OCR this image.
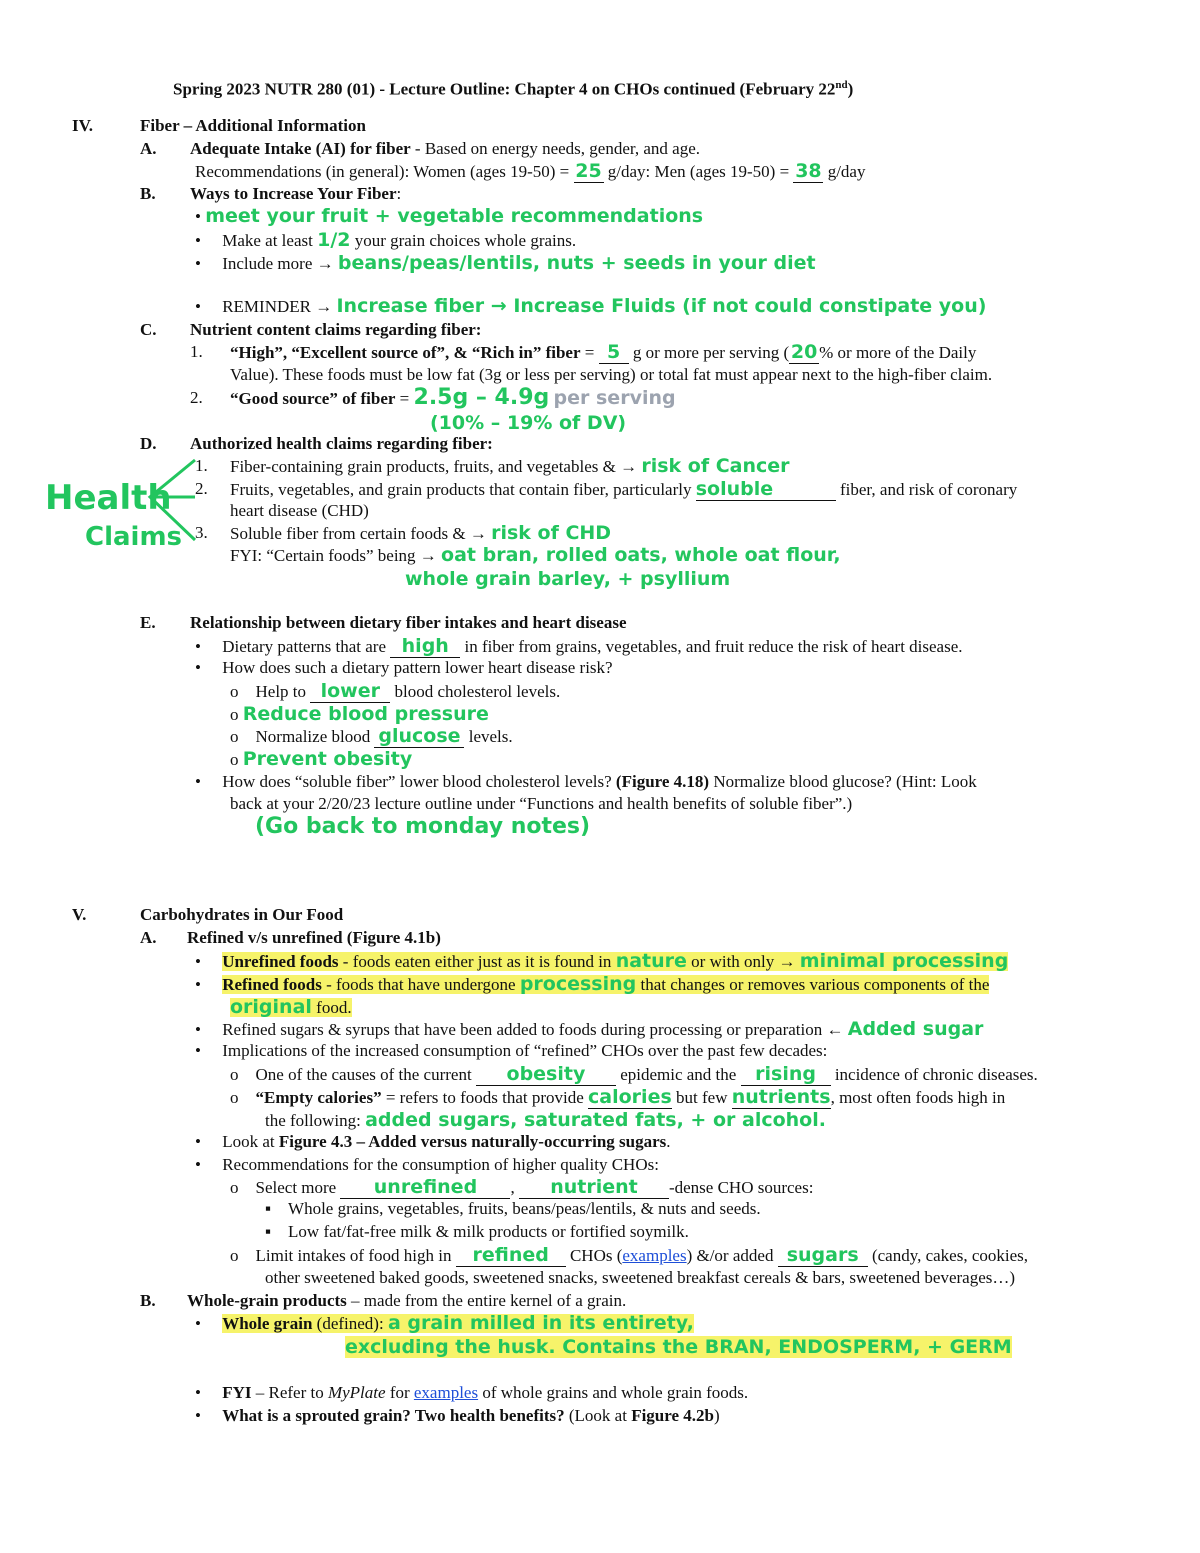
Spring 2023 NUTR 280 (01) - Lecture Outline: Chapter 4 on CHOs continued (February 22nd)
IV.	Fiber – Additional Information
A. Adequate Intake (AI) for fiber - Based on energy needs, gender, and age.
Recommendations (in general): Women (ages 19-50) = 25 g/day: Men (ages 19-50) = 38 g/day
B. Ways to Increase Your Fiber:
• meet your fruit + vegetable recommendations
•     Make at least 1/2 your grain choices whole grains.
•     Include more → beans/peas/lentils, nuts + seeds in your diet
•     REMINDER → Increase fiber → Increase Fluids (if not could constipate you)
C. Nutrient content claims regarding fiber:
1. “High”, “Excellent source of”, & “Rich in” fiber = 5 g or more per serving (20 % or more of the Daily
Value). These foods must be low fat (3g or less per serving) or total fat must appear next to the high-fiber claim.
2. “Good source” of fiber = 2.5g – 4.9g per serving
(10% – 19% of DV)
D. Authorized health claims regarding fiber:
1. Fiber-containing grain products, fruits, and vegetables & → risk of Cancer
2. Fruits, vegetables, and grain products that contain fiber, particularly soluble	fiber, and risk of coronary
heart disease (CHD)
3. Soluble fiber from certain foods & → risk of CHD
FYI: “Certain foods” being → oat bran, rolled oats, whole oat flour,
whole grain barley, + psyllium
Health
Claims
E. Relationship between dietary fiber intakes and heart disease
•     Dietary patterns that are high in fiber from grains, vegetables, and fruit reduce the risk of heart disease.
•     How does such a dietary pattern lower heart disease risk?
o    Help to lower blood cholesterol levels.
o Reduce blood pressure
o    Normalize blood glucose levels.
o Prevent obesity
•     How does “soluble fiber” lower blood cholesterol levels? (Figure 4.18) Normalize blood glucose? (Hint: Look
back at your 2/20/23 lecture outline under “Functions and health benefits of soluble fiber”.)
(Go back to monday notes)
V.	Carbohydrates in Our Food
A. Refined v/s unrefined (Figure 4.1b)
•     Unrefined foods - foods eaten either just as it is found in nature or with only → minimal processing
•     Refined foods - foods that have undergone processing that changes or removes various components of the
original food.
•     Refined sugars & syrups that have been added to foods during processing or preparation ← Added sugar
•     Implications of the increased consumption of “refined” CHOs over the past few decades:
o    One of the causes of the current obesity epidemic and the rising incidence of chronic diseases.
o    “Empty calories” = refers to foods that provide calories but few nutrients, most often foods high in
the following: added sugars, saturated fats, + or alcohol.
•     Look at Figure 4.3 – Added versus naturally-occurring sugars.
•     Recommendations for the consumption of higher quality CHOs:
o    Select more unrefined , nutrient -dense CHO sources:
▪    Whole grains, vegetables, fruits, beans/peas/lentils, & nuts and seeds.
▪    Low fat/fat-free milk & milk products or fortified soymilk.
o    Limit intakes of food high in refined CHOs (examples) &/or added sugars (candy, cakes, cookies,
other sweetened baked goods, sweetened snacks, sweetened breakfast cereals & bars, sweetened beverages…)
B. Whole-grain products – made from the entire kernel of a grain.
•     Whole grain (defined): a grain milled in its entirety,
excluding the husk. Contains the BRAN, ENDOSPERM, + GERM
•     FYI – Refer to MyPlate for examples of whole grains and whole grain foods.
•     What is a sprouted grain? Two health benefits? (Look at Figure 4.2b)
